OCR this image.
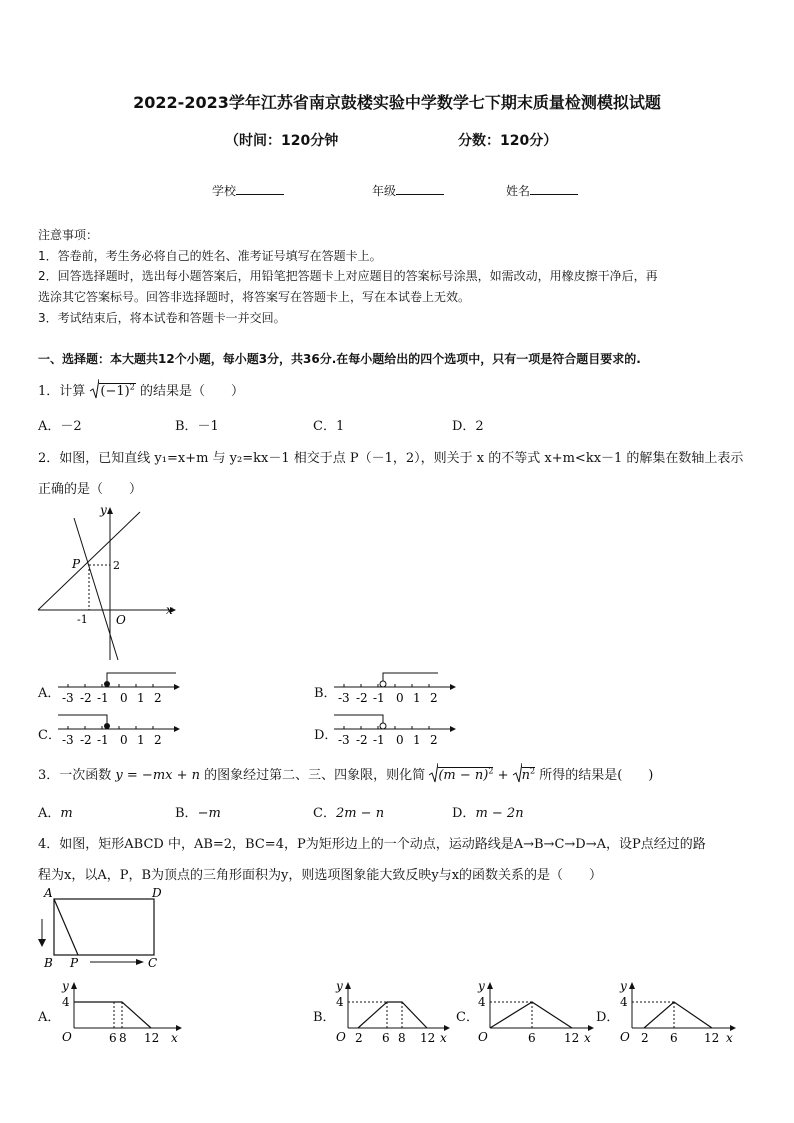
2022-2023学年江苏省南京鼓楼实验中学数学七下期末质量检测模拟试题
（时间：120分钟	分数：120分）
学校	年级	姓名
注意事项：
1．答卷前，考生务必将自己的姓名、准考证号填写在答题卡上。
2．回答选择题时，选出每小题答案后，用铅笔把答题卡上对应题目的答案标号涂黑，如需改动，用橡皮擦干净后，再
选涂其它答案标号。回答非选择题时，将答案写在答题卡上，写在本试卷上无效。
3．考试结束后，将本试卷和答题卡一并交回。
一、选择题：本大题共12个小题，每小题3分，共36分.在每小题给出的四个选项中，只有一项是符合题目要求的.
1．计算 $(-1)^2$ 的结果是（　　）
A．－2	B．－1	C．1	D．2
2．如图，已知直线 y₁=x+m 与 y₂=kx－1 相交于点 P（－1，2），则关于 x 的不等式 x+m<kx－1 的解集在数轴上表示
正确的是（　　）
y
x
P	2
-1 O
A．	B．
C．	D．
-3 -2 -1 0 1 2	-3 -2 -1 0 1 2
-3 -2 -1 0 1 2	-3 -2 -1 0 1 2
3．一次函数 y = −mx + n 的图象经过第二、三、四象限，则化简 $(m - n)^2 + n^2$ 所得的结果是(　　)
A．m	B．−m	C．2m − n	D．m − 2n
4．如图，矩形ABCD 中，AB=2，BC=4，P为矩形边上的一个动点，运动路线是A→B→C→D→A，设P点经过的路
程为x，以A，P，B为顶点的三角形面积为y，则选项图象能大致反映y与x的函数关系的是（　　）
A	D
B P	C
A．	B．	C．	D．
y
4
O	6 8 12 x
y
4
O 2 6 8 12 x
y
4
O	6 12 x
y
4
O 2 6 12 x
